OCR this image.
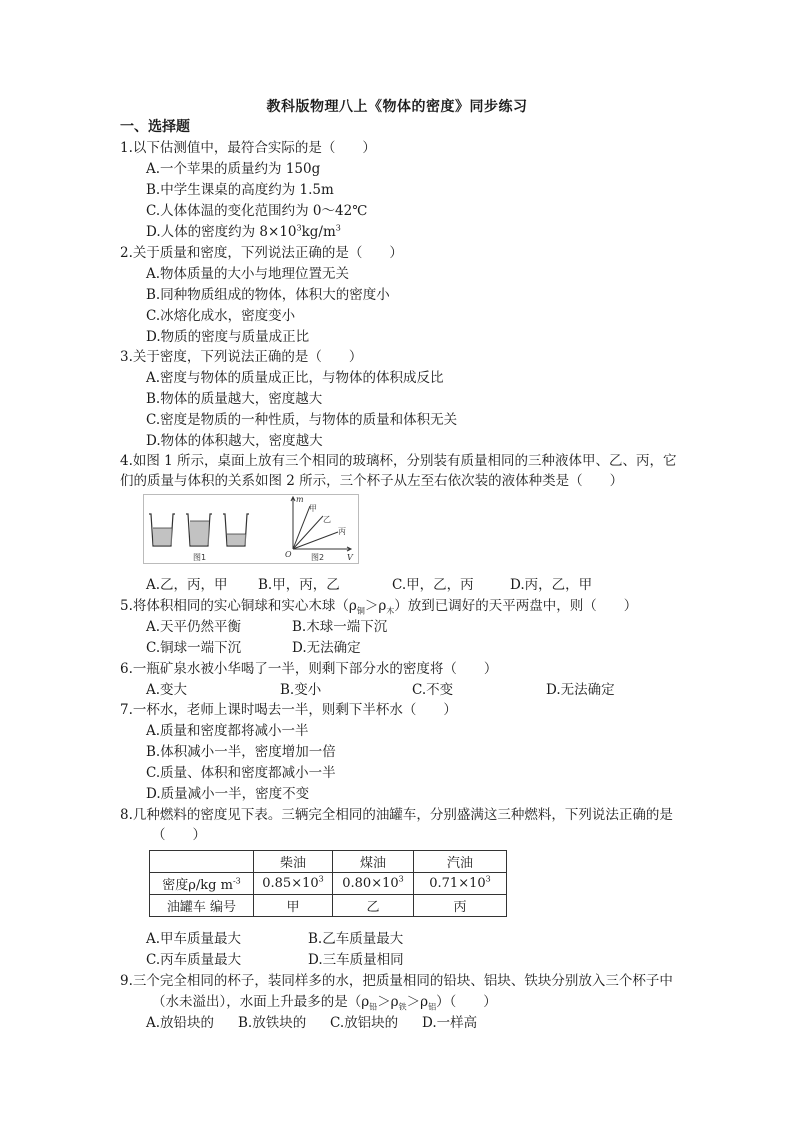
教科版物理八上《物体的密度》同步练习
一、选择题
1.以下估测值中，最符合实际的是（　　）
A.一个苹果的质量约为 150g
B.中学生课桌的高度约为 1.5m
C.人体体温的变化范围约为 0～42℃
D.人体的密度约为 $8\times 10^3kg/m^3$
2.关于质量和密度，下列说法正确的是（　　）
A.物体质量的大小与地理位置无关
B.同种物质组成的物体，体积大的密度小
C.冰熔化成水，密度变小
D.物质的密度与质量成正比
3.关于密度，下列说法正确的是（　　）
A.密度与物体的质量成正比，与物体的体积成反比
B.物体的质量越大，密度越大
C.密度是物质的一种性质，与物体的质量和体积无关
D.物体的体积越大，密度越大
4.如图 1 所示，桌面上放有三个相同的玻璃杯，分别装有质量相同的三种液体甲、乙、丙，它
们的质量与体积的关系如图 2 所示，三个杯子从左至右依次装的液体种类是（　　）
图1
m
V
O
甲
乙
丙
图2
A.乙，丙，甲 B.甲，丙，乙	C.甲，乙，丙	D.丙，乙，甲
5.将体积相同的实心铜球和实心木球$(\rho_铜>\rho_木)$放到已调好的天平两盘中，则（　　）
A.天平仍然平衡	B.木球一端下沉
C.铜球一端下沉	D.无法确定
6.一瓶矿泉水被小华喝了一半，则剩下部分水的密度将（　　）
A.变大	B.变小	C.不变	D.无法确定
7.一杯水，老师上课时喝去一半，则剩下半杯水（　　）
A.质量和密度都将减小一半
B.体积减小一半，密度增加一倍
C.质量、体积和密度都减小一半
D.质量减小一半，密度不变
8.几种燃料的密度见下表。三辆完全相同的油罐车，分别盛满这三种燃料，下列说法正确的是
（　　）
	柴油	煤油	汽油
密度ρ/kg $m^{-3}$	$0.85\times 10^3$	$0.80\times 10^3$	$0.71\times 10^3$
油罐车 编号	甲	乙	丙
A.甲车质量最大	B.乙车质量最大
C.丙车质量最大	D.三车质量相同
9.三个完全相同的杯子，装同样多的水，把质量相同的铅块、铝块、铁块分别放入三个杯子中
（水未溢出），水面上升最多的是$(\rho_铅>\rho_铁>\rho_铝)$（　　）
A.放铅块的 B.放铁块的 C.放铝块的 D.一样高
